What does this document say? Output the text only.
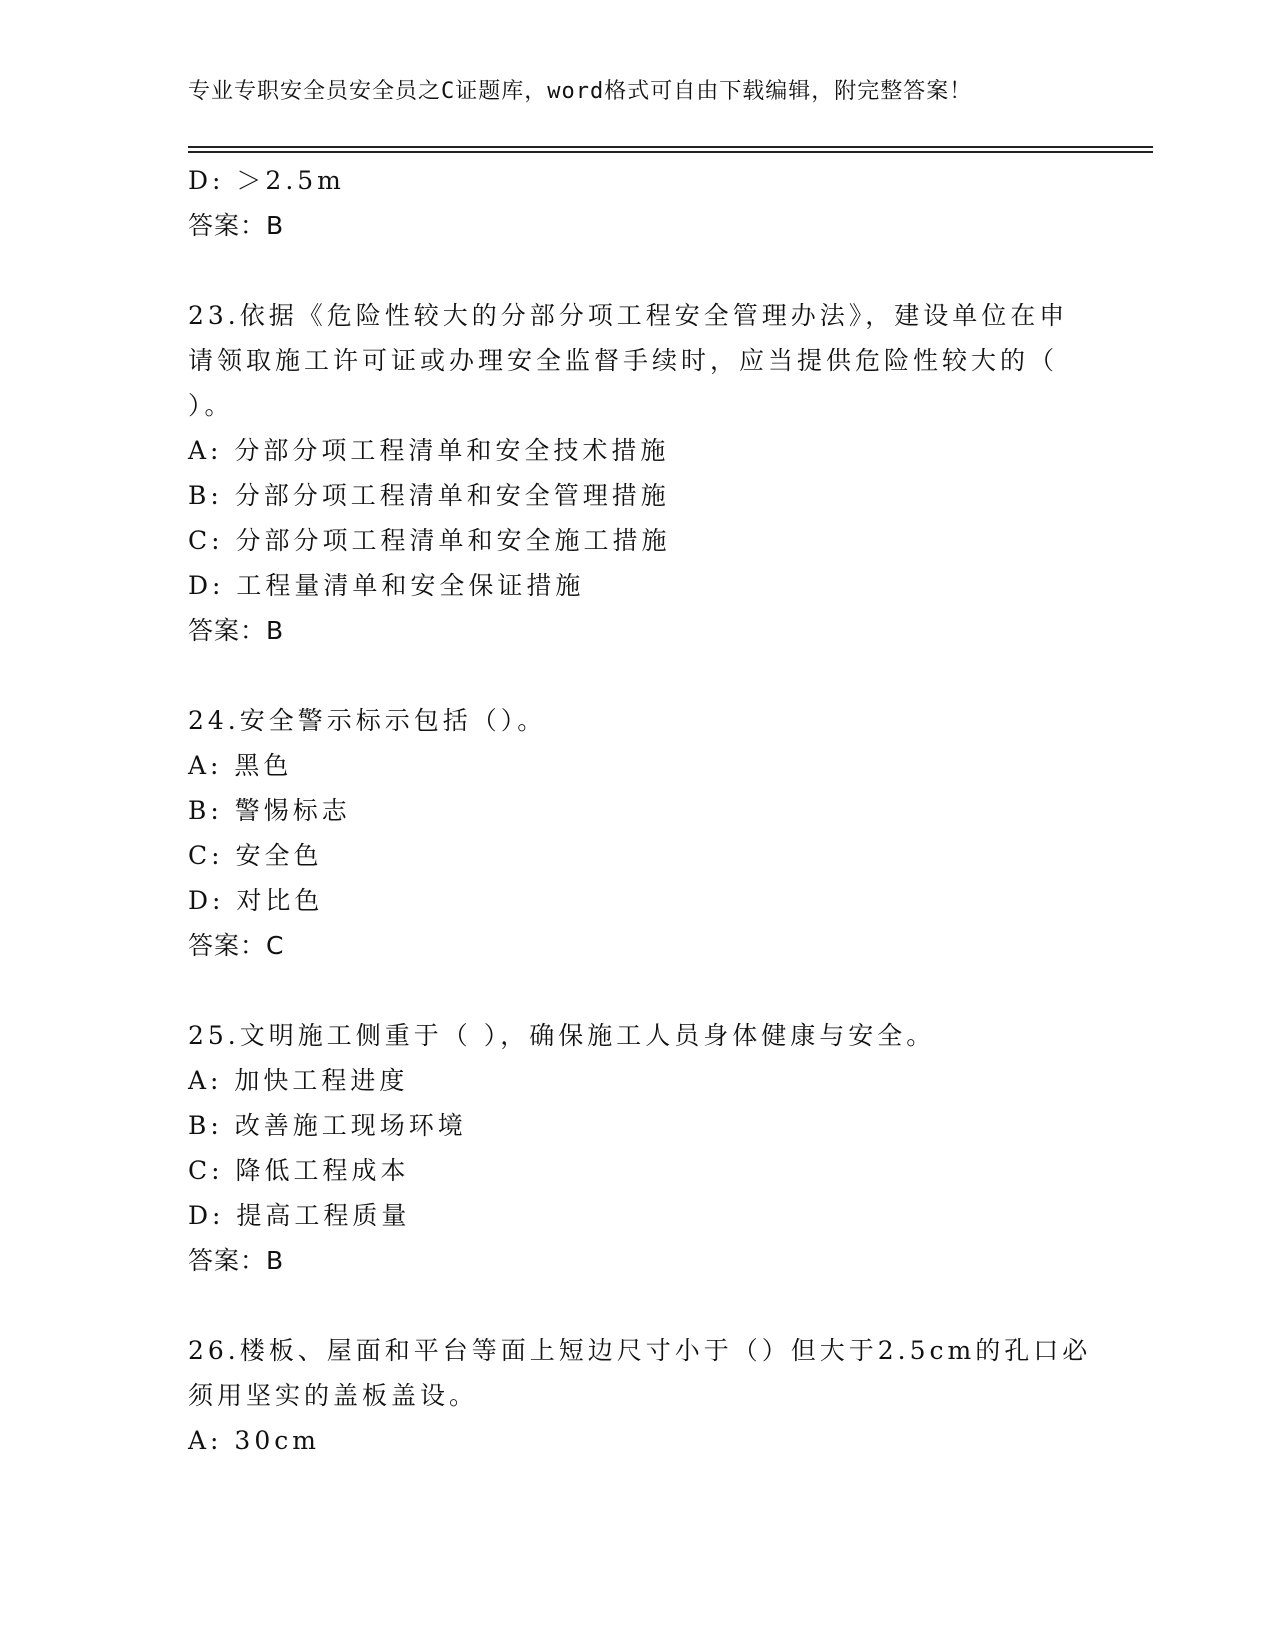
专业专职安全员安全员之C证题库，word格式可自由下载编辑，附完整答案！
D: ＞2.5m
答案：B
23.依据《危险性较大的分部分项工程安全管理办法》，建设单位在申
请领取施工许可证或办理安全监督手续时，应当提供危险性较大的（
）。
A: 分部分项工程清单和安全技术措施
B: 分部分项工程清单和安全管理措施
C: 分部分项工程清单和安全施工措施
D: 工程量清单和安全保证措施
答案：B
24.安全警示标示包括（）。
A: 黑色
B: 警惕标志
C: 安全色
D: 对比色
答案：C
25.文明施工侧重于（ ），确保施工人员身体健康与安全。
A: 加快工程进度
B: 改善施工现场环境
C: 降低工程成本
D: 提高工程质量
答案：B
26.楼板、屋面和平台等面上短边尺寸小于（）但大于2.5cm的孔口必
须用坚实的盖板盖设。
A: 30cm
